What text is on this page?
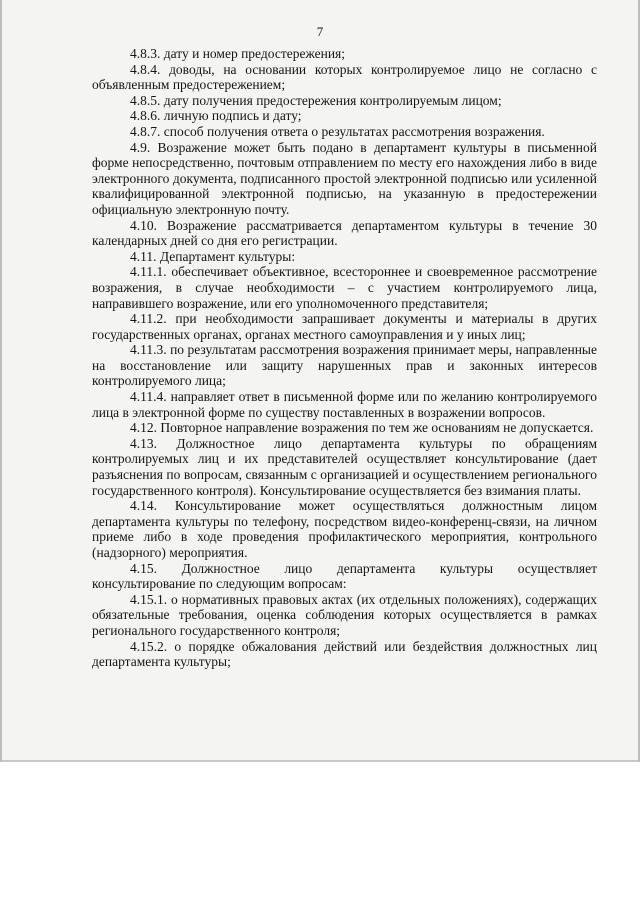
7

4.8.3. дату и номер предостережения;

4.8.4. доводы, на основании которых контролируемое лицо не согласно с объявленным предостережением;

4.8.5. дату получения предостережения контролируемым лицом;

4.8.6. личную подпись и дату;

4.8.7. способ получения ответа о результатах рассмотрения возражения.

4.9. Возражение может быть подано в департамент культуры в письменной форме непосредственно, почтовым отправлением по месту его нахождения либо в виде электронного документа, подписанного простой электронной подписью или усиленной квалифицированной электронной подписью, на указанную в предостережении официальную электронную почту.

4.10. Возражение рассматривается департаментом культуры в течение 30 календарных дней со дня его регистрации.

4.11. Департамент культуры:

4.11.1. обеспечивает объективное, всестороннее и своевременное рассмотрение возражения, в случае необходимости – с участием контролируемого лица, направившего возражение, или его уполномоченного представителя;

4.11.2. при необходимости запрашивает документы и материалы в других государственных органах, органах местного самоуправления и у иных лиц;

4.11.3. по результатам рассмотрения возражения принимает меры, направленные на восстановление или защиту нарушенных прав и законных интересов контролируемого лица;

4.11.4. направляет ответ в письменной форме или по желанию контролируемого лица в электронной форме по существу поставленных в возражении вопросов.

4.12. Повторное направление возражения по тем же основаниям не допускается.

4.13. Должностное лицо департамента культуры по обращениям контролируемых лиц и их представителей осуществляет консультирование (дает разъяснения по вопросам, связанным с организацией и осуществлением регионального государственного контроля). Консультирование осуществляется без взимания платы.

4.14. Консультирование может осуществляться должностным лицом департамента культуры по телефону, посредством видео-конференц-связи, на личном приеме либо в ходе проведения профилактического мероприятия, контрольного (надзорного) мероприятия.

4.15. Должностное лицо департамента культуры осуществляет консультирование по следующим вопросам:

4.15.1. о нормативных правовых актах (их отдельных положениях), содержащих обязательные требования, оценка соблюдения которых осуществляется в рамках регионального государственного контроля;

4.15.2. о порядке обжалования действий или бездействия должностных лиц департамента культуры;
